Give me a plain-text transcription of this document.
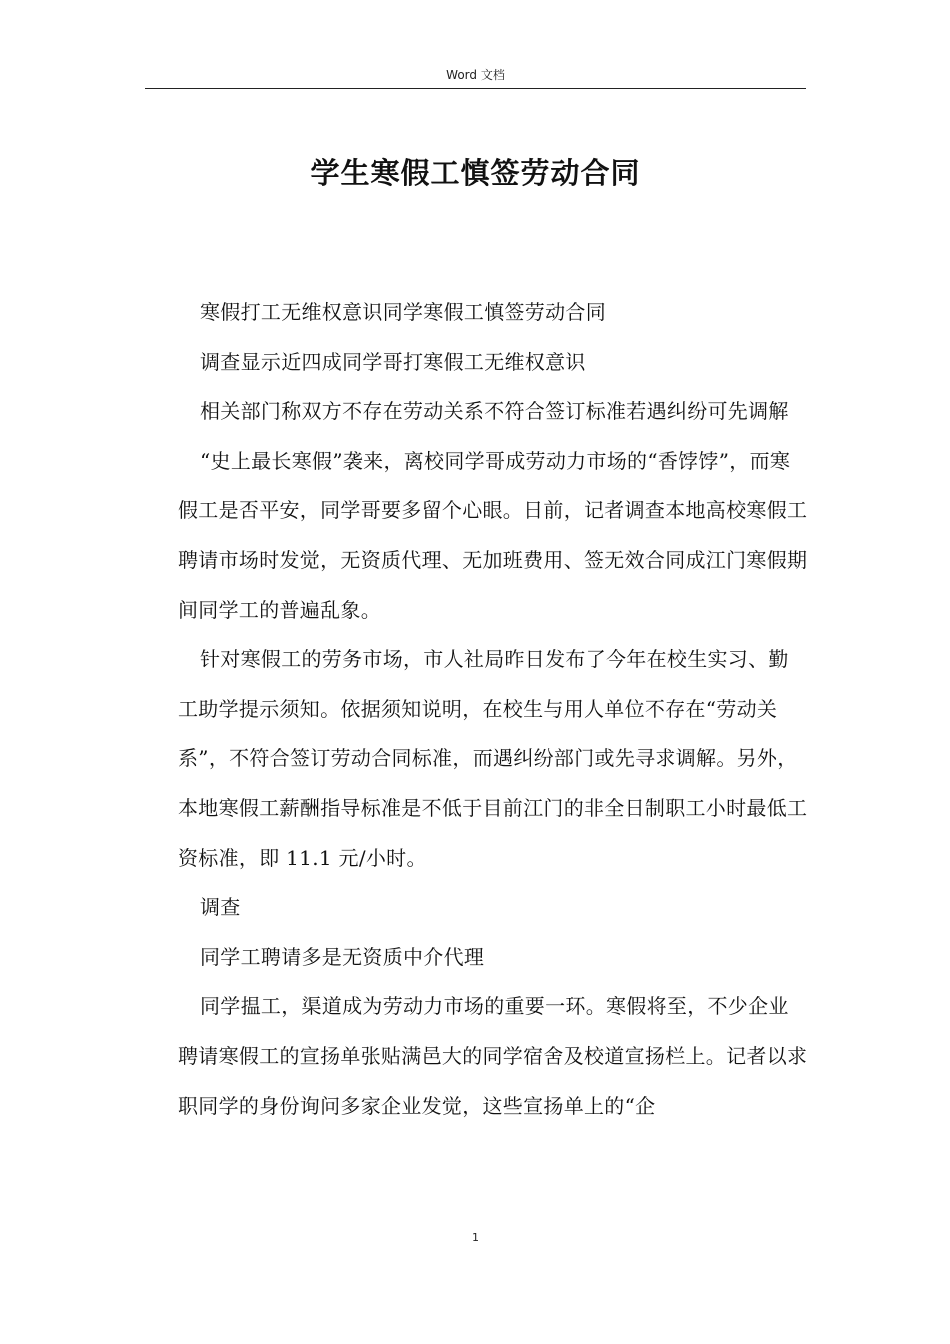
Word 文档
学生寒假工慎签劳动合同

寒假打工无维权意识同学寒假工慎签劳动合同

调查显示近四成同学哥打寒假工无维权意识

相关部门称双方不存在劳动关系不符合签订标准若遇纠纷可先调解

“史上最长寒假”袭来，离校同学哥成劳动力市场的“香饽饽”，而寒假工是否平安，同学哥要多留个心眼。日前，记者调查本地高校寒假工聘请市场时发觉，无资质代理、无加班费用、签无效合同成江门寒假期间同学工的普遍乱象。

针对寒假工的劳务市场，市人社局昨日发布了今年在校生实习、勤工助学提示须知。依据须知说明，在校生与用人单位不存在“劳动关系”，不符合签订劳动合同标准，而遇纠纷部门或先寻求调解。另外，本地寒假工薪酬指导标准是不低于目前江门的非全日制职工小时最低工资标准，即 11.1 元/小时。

调查

同学工聘请多是无资质中介代理

同学揾工，渠道成为劳动力市场的重要一环。寒假将至，不少企业聘请寒假工的宣扬单张贴满邑大的同学宿舍及校道宣扬栏上。记者以求职同学的身份询问多家企业发觉，这些宣扬单上的“企

1
